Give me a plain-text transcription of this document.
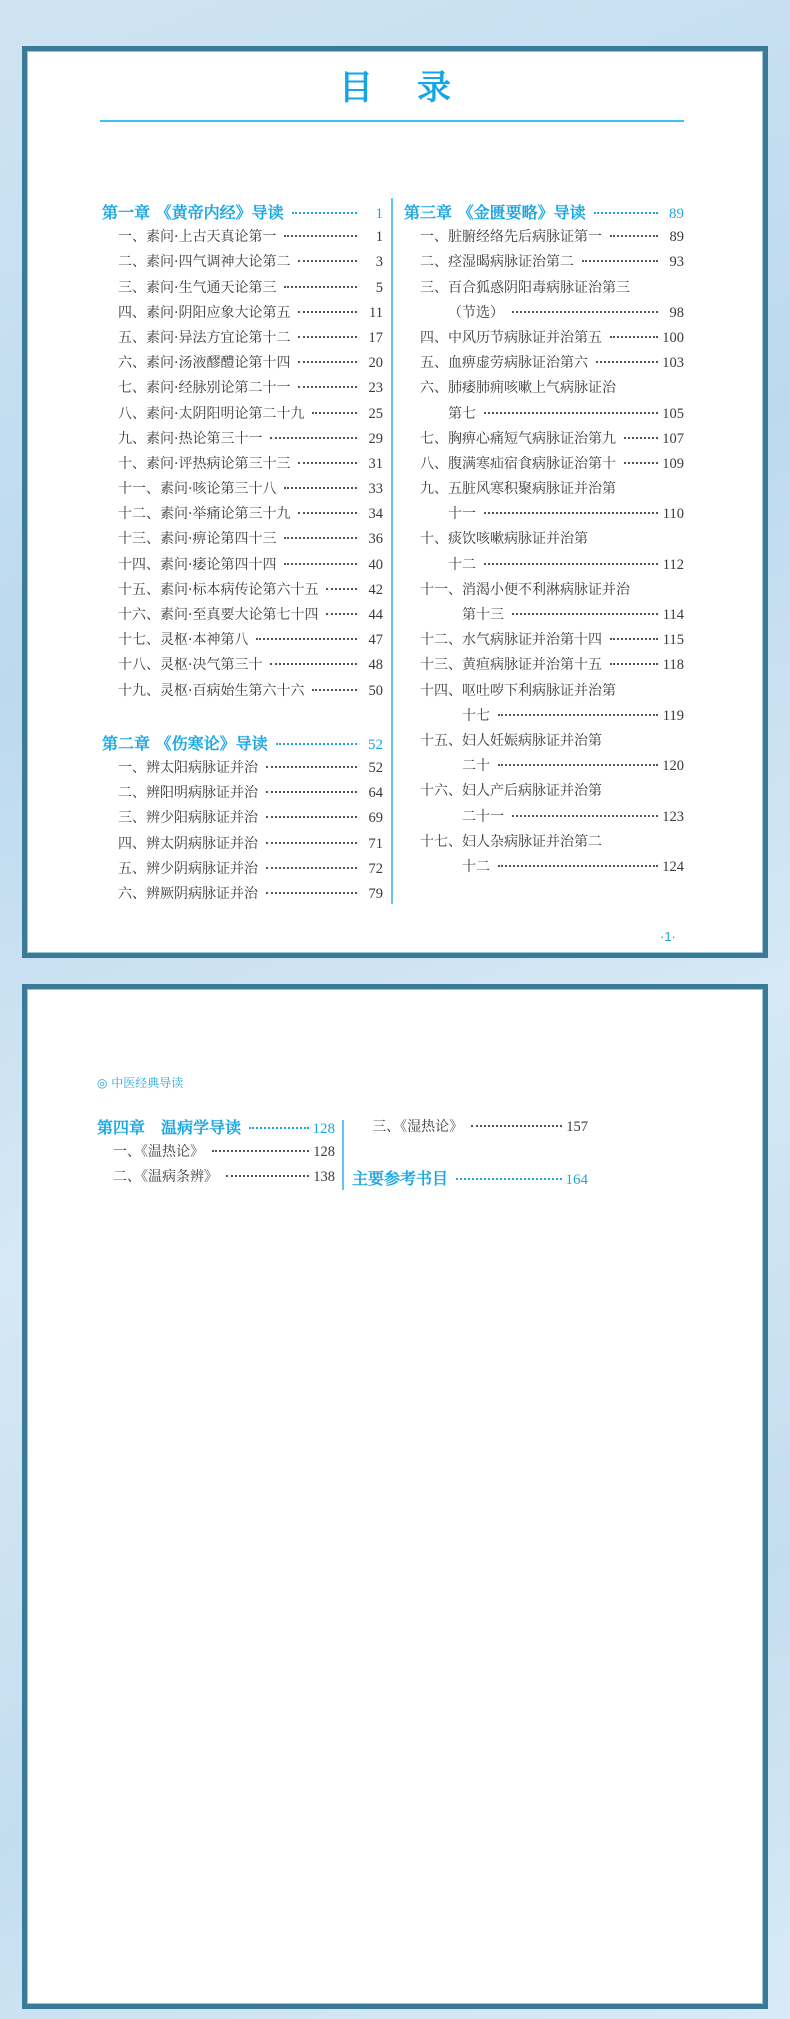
目录
第一章 《黄帝内经》导读	1
一、素问·上古天真论第一	1
二、素问·四气调神大论第二	3
三、素问·生气通天论第三	5
四、素问·阴阳应象大论第五	11
五、素问·异法方宜论第十二	17
六、素问·汤液醪醴论第十四	20
七、素问·经脉别论第二十一	23
八、素问·太阴阳明论第二十九	25
九、素问·热论第三十一	29
十、素问·评热病论第三十三	31
十一、素问·咳论第三十八	33
十二、素问·举痛论第三十九	34
十三、素问·痹论第四十三	36
十四、素问·痿论第四十四	40
十五、素问·标本病传论第六十五	42
十六、素问·至真要大论第七十四	44
十七、灵枢·本神第八	47
十八、灵枢·决气第三十	48
十九、灵枢·百病始生第六十六	50
第二章 《伤寒论》导读	52
一、辨太阳病脉证并治	52
二、辨阳明病脉证并治	64
三、辨少阳病脉证并治	69
四、辨太阴病脉证并治	71
五、辨少阴病脉证并治	72
六、辨厥阴病脉证并治	79
第三章 《金匮要略》导读	89
一、脏腑经络先后病脉证第一	89
二、痉湿暍病脉证治第二	93
三、百合狐惑阴阳毒病脉证治第三
（节选）	98
四、中风历节病脉证并治第五	100
五、血痹虚劳病脉证治第六	103
六、肺痿肺痈咳嗽上气病脉证治
第七	105
七、胸痹心痛短气病脉证治第九	107
八、腹满寒疝宿食病脉证治第十	109
九、五脏风寒积聚病脉证并治第
十一	110
十、痰饮咳嗽病脉证并治第
十二	112
十一、消渴小便不利淋病脉证并治
第十三	114
十二、水气病脉证并治第十四	115
十三、黄疸病脉证并治第十五	118
十四、呕吐哕下利病脉证并治第
十七	119
十五、妇人妊娠病脉证并治第
二十	120
十六、妇人产后病脉证并治第
二十一	123
十七、妇人杂病脉证并治第二
十二	124
·1·
◎ 中医经典导读
第四章　温病学导读	128
一、《温热论》	128
二、《温病条辨》	138
三、《湿热论》	157
主要参考书目	164
